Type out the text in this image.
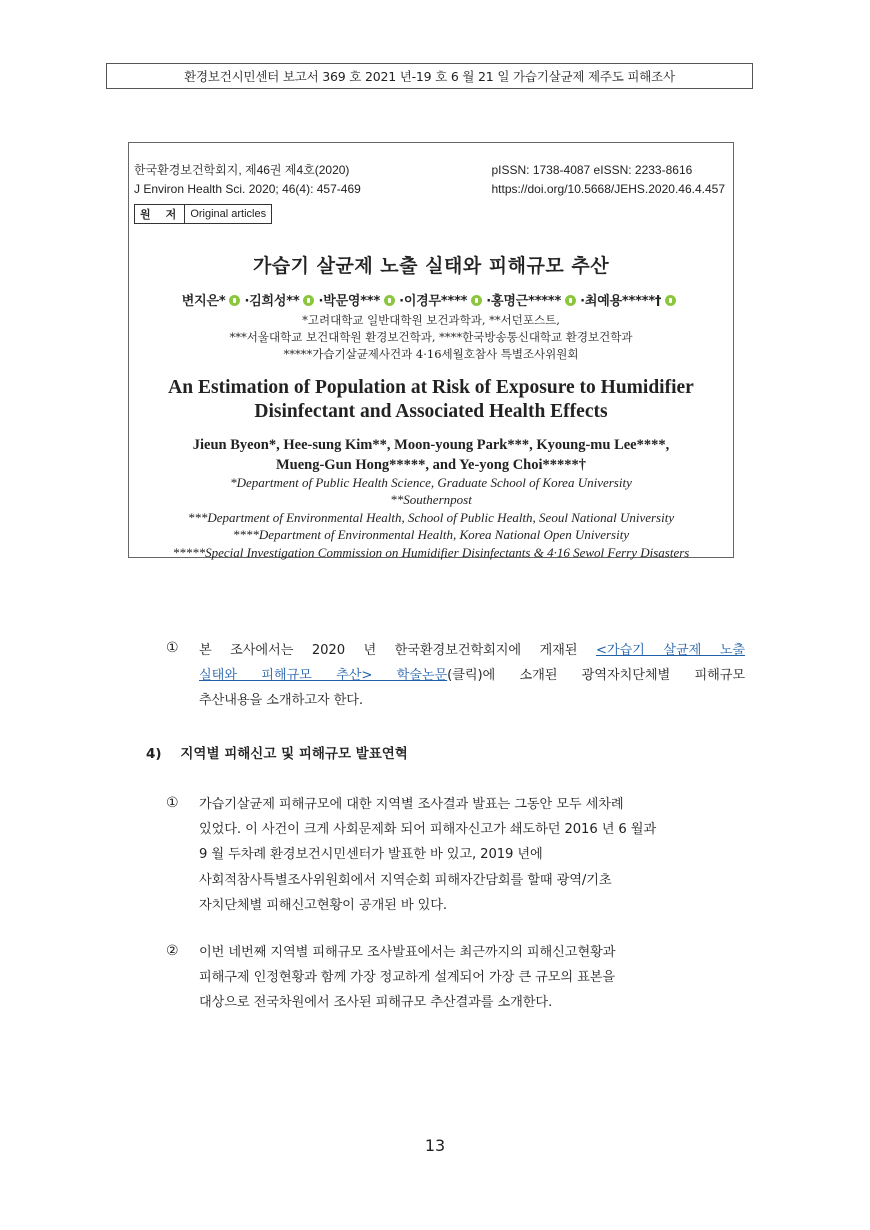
환경보건시민센터 보고서 369 호 2021 년-19 호 6 월 21 일 가습기살균제 제주도 피해조사
한국환경보건학회지, 제46권 제4호(2020)
J Environ Health Sci. 2020; 46(4): 457-469
pISSN: 1738-4087 eISSN: 2233-8616
https://doi.org/10.5668/JEHS.2020.46.4.457
원 저 Original articles
가습기 살균제 노출 실태와 피해규모 추산
변지은* ·김희성** ·박문영*** ·이경무**** ·홍명근***** ·최예용*****†
*고려대학교 일반대학원 보건과학과, **서던포스트,
***서울대학교 보건대학원 환경보건학과, ****한국방송통신대학교 환경보건학과
*****가습기살균제사건과 4·16세월호참사 특별조사위원회
An Estimation of Population at Risk of Exposure to Humidifier
Disinfectant and Associated Health Effects
Jieun Byeon*, Hee-sung Kim**, Moon-young Park***, Kyoung-mu Lee****,
Mueng-Gun Hong*****, and Ye-yong Choi*****†
*Department of Public Health Science, Graduate School of Korea University
**Southernpost
***Department of Environmental Health, School of Public Health, Seoul National University
****Department of Environmental Health, Korea National Open University
*****Special Investigation Commission on Humidifier Disinfectants & 4·16 Sewol Ferry Disasters
① 본 조사에서는 2020 년 한국환경보건학회지에 게재된 <가습기 살균제 노출
실태와 피해규모 추산> 학술논문(클릭)에 소개된 광역자치단체별 피해규모
추산내용을 소개하고자 한다.
4) 지역별 피해신고 및 피해규모 발표연혁
① 가습기살균제 피해규모에 대한 지역별 조사결과 발표는 그동안 모두 세차례
있었다. 이 사건이 크게 사회문제화 되어 피해자신고가 쇄도하던 2016 년 6 월과
9 월 두차례 환경보건시민센터가 발표한 바 있고, 2019 년에
사회적참사특별조사위원회에서 지역순회 피해자간담회를 할때 광역/기초
자치단체별 피해신고현황이 공개된 바 있다.
② 이번 네번째 지역별 피해규모 조사발표에서는 최근까지의 피해신고현황과
피해구제 인정현황과 함께 가장 정교하게 설계되어 가장 큰 규모의 표본을
대상으로 전국차원에서 조사된 피해규모 추산결과를 소개한다.
13
